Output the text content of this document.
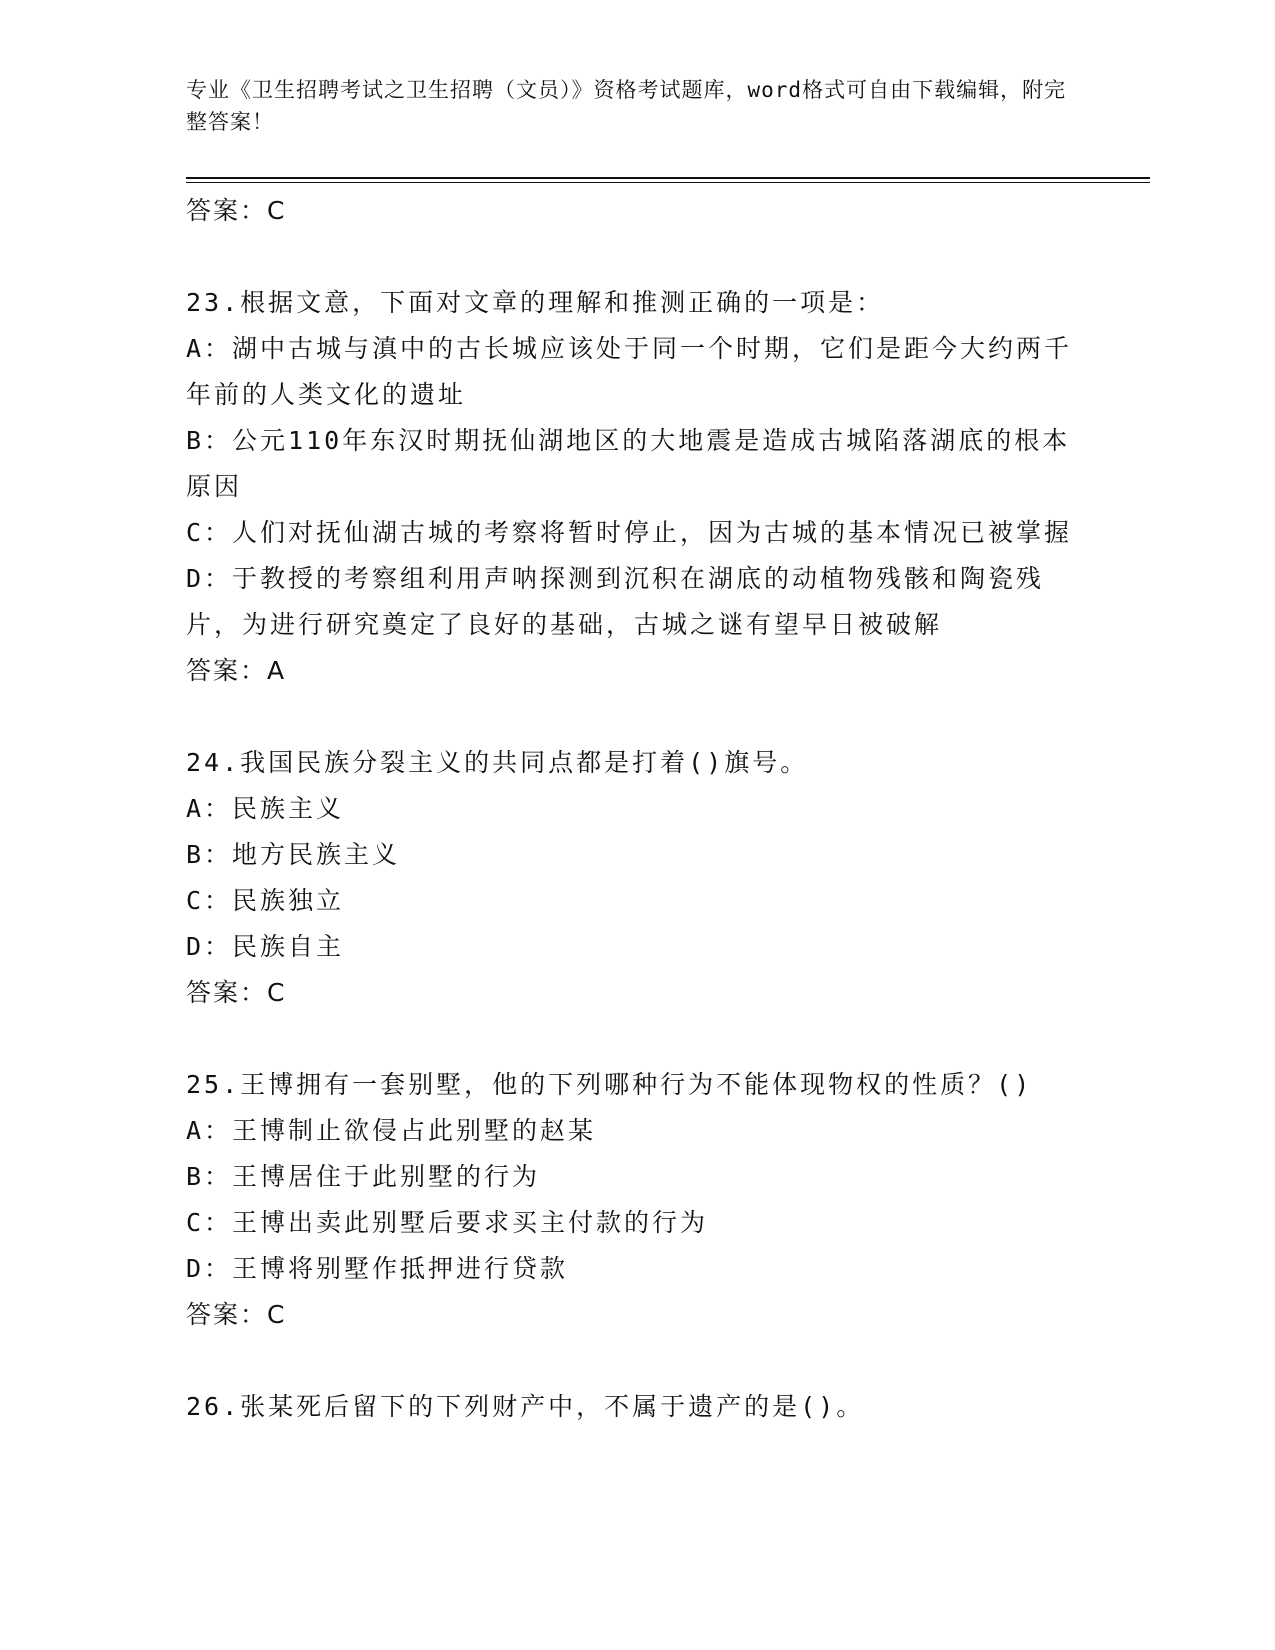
专业《卫生招聘考试之卫生招聘（文员）》资格考试题库，word格式可自由下载编辑，附完整答案！
答案：C
23.根据文意，下面对文章的理解和推测正确的一项是：
A：湖中古城与滇中的古长城应该处于同一个时期，它们是距今大约两千年前的人类文化的遗址
B：公元110年东汉时期抚仙湖地区的大地震是造成古城陷落湖底的根本原因
C：人们对抚仙湖古城的考察将暂时停止，因为古城的基本情况已被掌握
D：于教授的考察组利用声呐探测到沉积在湖底的动植物残骸和陶瓷残片，为进行研究奠定了良好的基础，古城之谜有望早日被破解
答案：A
24.我国民族分裂主义的共同点都是打着()旗号。
A：民族主义
B：地方民族主义
C：民族独立
D：民族自主
答案：C
25.王博拥有一套别墅，他的下列哪种行为不能体现物权的性质？()
A：王博制止欲侵占此别墅的赵某
B：王博居住于此别墅的行为
C：王博出卖此别墅后要求买主付款的行为
D：王博将别墅作抵押进行贷款
答案：C
26.张某死后留下的下列财产中，不属于遗产的是()。
